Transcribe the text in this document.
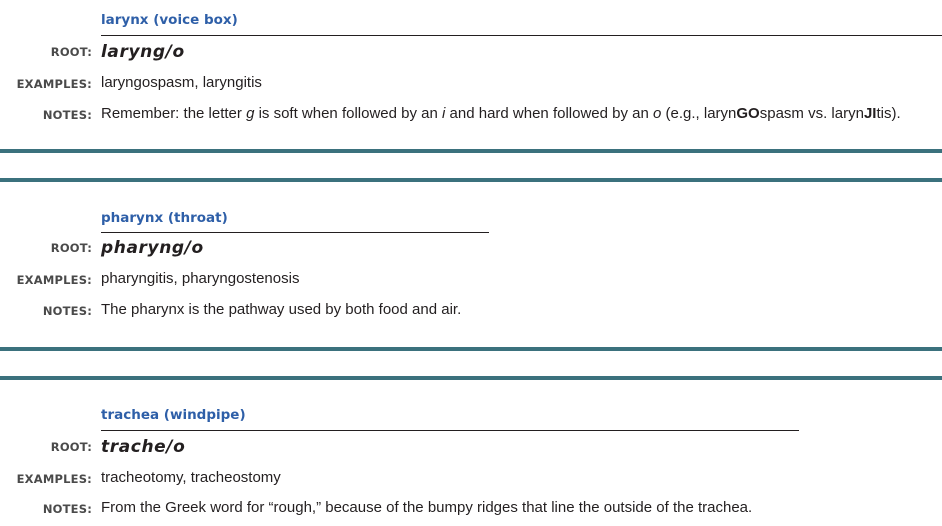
larynx (voice box)
ROOT: laryng/o
EXAMPLES: laryngospasm, laryngitis
NOTES: Remember: the letter g is soft when followed by an i and hard when followed by an o (e.g., larynGOspasm vs. larynJItis).
pharynx (throat)
ROOT: pharyng/o
EXAMPLES: pharyngitis, pharyngostenosis
NOTES: The pharynx is the pathway used by both food and air.
trachea (windpipe)
ROOT: trache/o
EXAMPLES: tracheotomy, tracheostomy
NOTES: From the Greek word for “rough,” because of the bumpy ridges that line the outside of the trachea.
